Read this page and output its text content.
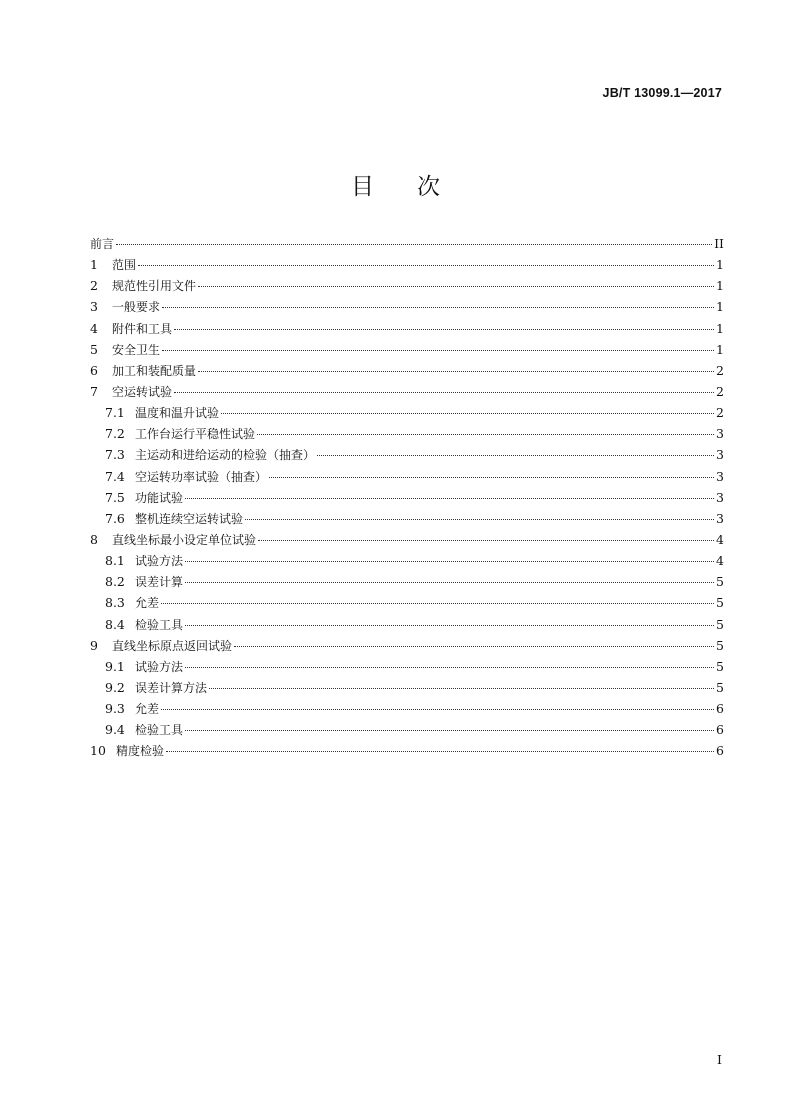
JB/T 13099.1—2017
目 次
前言	II
1	范围	1
2	规范性引用文件	1
3	一般要求	1
4	附件和工具	1
5	安全卫生	1
6	加工和装配质量	2
7	空运转试验	2
7.1 温度和温升试验	2
7.2 工作台运行平稳性试验	3
7.3 主运动和进给运动的检验（抽查）	3
7.4 空运转功率试验（抽查）	3
7.5 功能试验	3
7.6 整机连续空运转试验	3
8	直线坐标最小设定单位试验	4
8.1 试验方法	4
8.2 误差计算	5
8.3 允差	5
8.4 检验工具	5
9	直线坐标原点返回试验	5
9.1 试验方法	5
9.2 误差计算方法	5
9.3 允差	6
9.4 检验工具	6
10 精度检验	6
I
